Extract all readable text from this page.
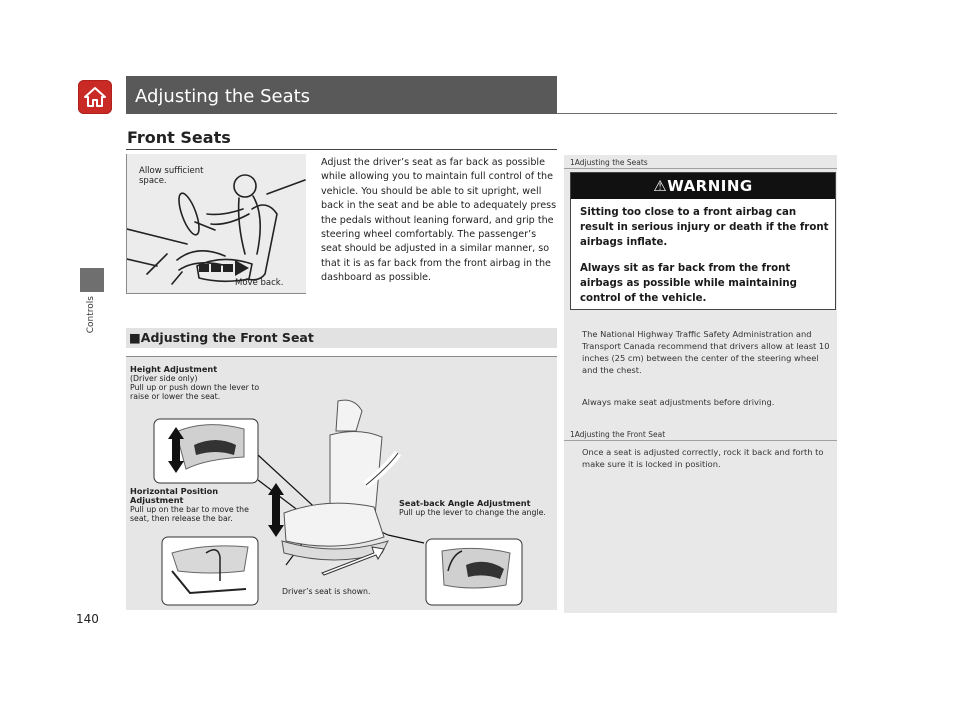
Adjusting the Seats
Controls
140
Front Seats
Allow sufficient space.
Move back.
Adjust the driver’s seat as far back as possible while allowing you to maintain full control of the vehicle. You should be able to sit upright, well back in the seat and be able to adequately press the pedals without leaning forward, and grip the steering wheel comfortably. The passenger’s seat should be adjusted in a similar manner, so that it is as far back from the front airbag in the dashboard as possible.
■Adjusting the Front Seat
Height Adjustment
(Driver side only)
Pull up or push down the lever to raise or lower the seat.
Horizontal Position Adjustment
Pull up on the bar to move the seat, then release the bar.
Seat-back Angle Adjustment
Pull up the lever to change the angle.
Driver’s seat is shown.
1Adjusting the Seats
⚠WARNING
Sitting too close to a front airbag can result in serious injury or death if the front airbags inflate.
Always sit as far back from the front airbags as possible while maintaining control of the vehicle.
The National Highway Traffic Safety Administration and Transport Canada recommend that drivers allow at least 10 inches (25 cm) between the center of the steering wheel and the chest.
Always make seat adjustments before driving.
1Adjusting the Front Seat
Once a seat is adjusted correctly, rock it back and forth to make sure it is locked in position.
